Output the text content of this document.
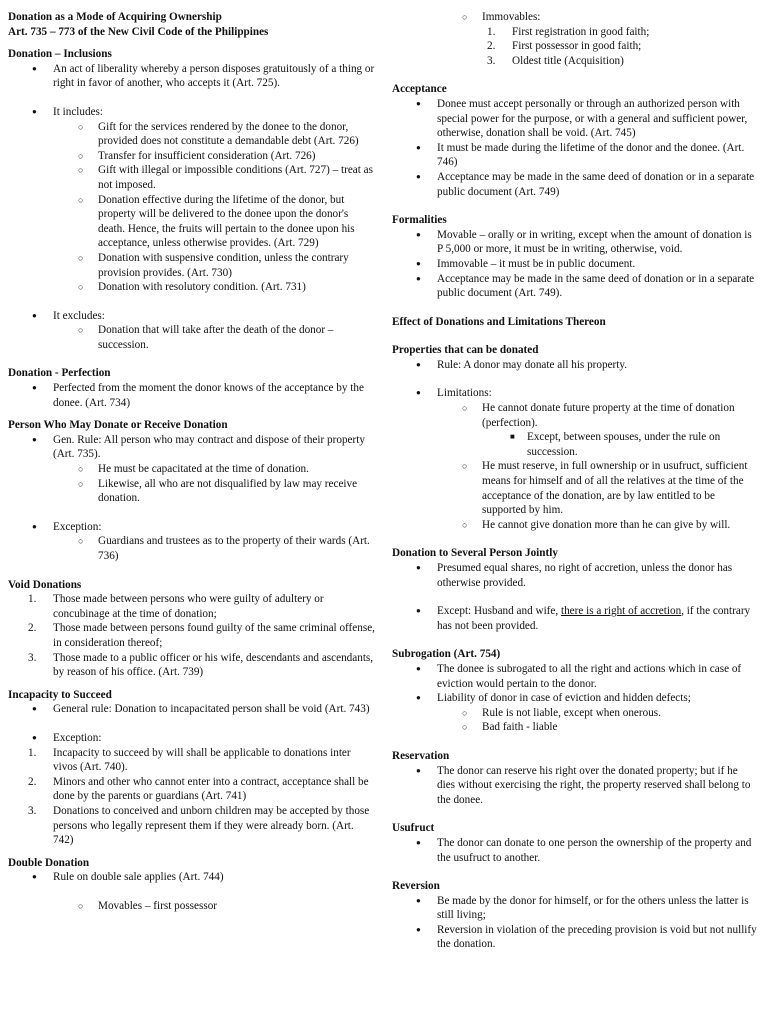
Donation as a Mode of Acquiring Ownership
Art. 735 – 773 of the New Civil Code of the Philippines
Donation – Inclusions
● An act of liberality whereby a person disposes gratuitously of a thing or right in favor of another, who accepts it (Art. 725).
● It includes:
○ Gift for the services rendered by the donee to the donor, provided does not constitute a demandable debt (Art. 726)
○ Transfer for insufficient consideration (Art. 726)
○ Gift with illegal or impossible conditions (Art. 727) – treat as not imposed.
○ Donation effective during the lifetime of the donor, but property will be delivered to the donee upon the donor's death. Hence, the fruits will pertain to the donee upon his acceptance, unless otherwise provides. (Art. 729)
○ Donation with suspensive condition, unless the contrary provision provides. (Art. 730)
○ Donation with resolutory condition. (Art. 731)
● It excludes:
○ Donation that will take after the death of the donor – succession.
Donation - Perfection
● Perfected from the moment the donor knows of the acceptance by the donee. (Art. 734)
Person Who May Donate or Receive Donation
● Gen. Rule: All person who may contract and dispose of their property (Art. 735).
○ He must be capacitated at the time of donation.
○ Likewise, all who are not disqualified by law may receive donation.
● Exception:
○ Guardians and trustees as to the property of their wards (Art. 736)
Void Donations
1. Those made between persons who were guilty of adultery or concubinage at the time of donation;
2. Those made between persons found guilty of the same criminal offense, in consideration thereof;
3. Those made to a public officer or his wife, descendants and ascendants, by reason of his office. (Art. 739)
Incapacity to Succeed
● General rule: Donation to incapacitated person shall be void (Art. 743)
● Exception:
1. Incapacity to succeed by will shall be applicable to donations inter vivos (Art. 740).
2. Minors and other who cannot enter into a contract, acceptance shall be done by the parents or guardians (Art. 741)
3. Donations to conceived and unborn children may be accepted by those persons who legally represent them if they were already born. (Art. 742)
Double Donation
● Rule on double sale applies (Art. 744)
○ Movables – first possessor
○ Immovables:
1. First registration in good faith;
2. First possessor in good faith;
3. Oldest title (Acquisition)
Acceptance
● Donee must accept personally or through an authorized person with special power for the purpose, or with a general and sufficient power, otherwise, donation shall be void. (Art. 745)
● It must be made during the lifetime of the donor and the donee. (Art. 746)
● Acceptance may be made in the same deed of donation or in a separate public document (Art. 749)
Formalities
● Movable – orally or in writing, except when the amount of donation is P 5,000 or more, it must be in writing, otherwise, void.
● Immovable – it must be in public document.
● Acceptance may be made in the same deed of donation or in a separate public document (Art. 749).
Effect of Donations and Limitations Thereon
Properties that can be donated
● Rule: A donor may donate all his property.
● Limitations:
○ He cannot donate future property at the time of donation (perfection).
■ Except, between spouses, under the rule on succession.
○ He must reserve, in full ownership or in usufruct, sufficient means for himself and of all the relatives at the time of the acceptance of the donation, are by law entitled to be supported by him.
○ He cannot give donation more than he can give by will.
Donation to Several Person Jointly
● Presumed equal shares, no right of accretion, unless the donor has otherwise provided.
● Except: Husband and wife, there is a right of accretion, if the contrary has not been provided.
Subrogation (Art. 754)
● The donee is subrogated to all the right and actions which in case of eviction would pertain to the donor.
● Liability of donor in case of eviction and hidden defects;
○ Rule is not liable, except when onerous.
○ Bad faith - liable
Reservation
● The donor can reserve his right over the donated property; but if he dies without exercising the right, the property reserved shall belong to the donee.
Usufruct
● The donor can donate to one person the ownership of the property and the usufruct to another.
Reversion
● Be made by the donor for himself, or for the others unless the latter is still living;
● Reversion in violation of the preceding provision is void but not nullify the donation.
